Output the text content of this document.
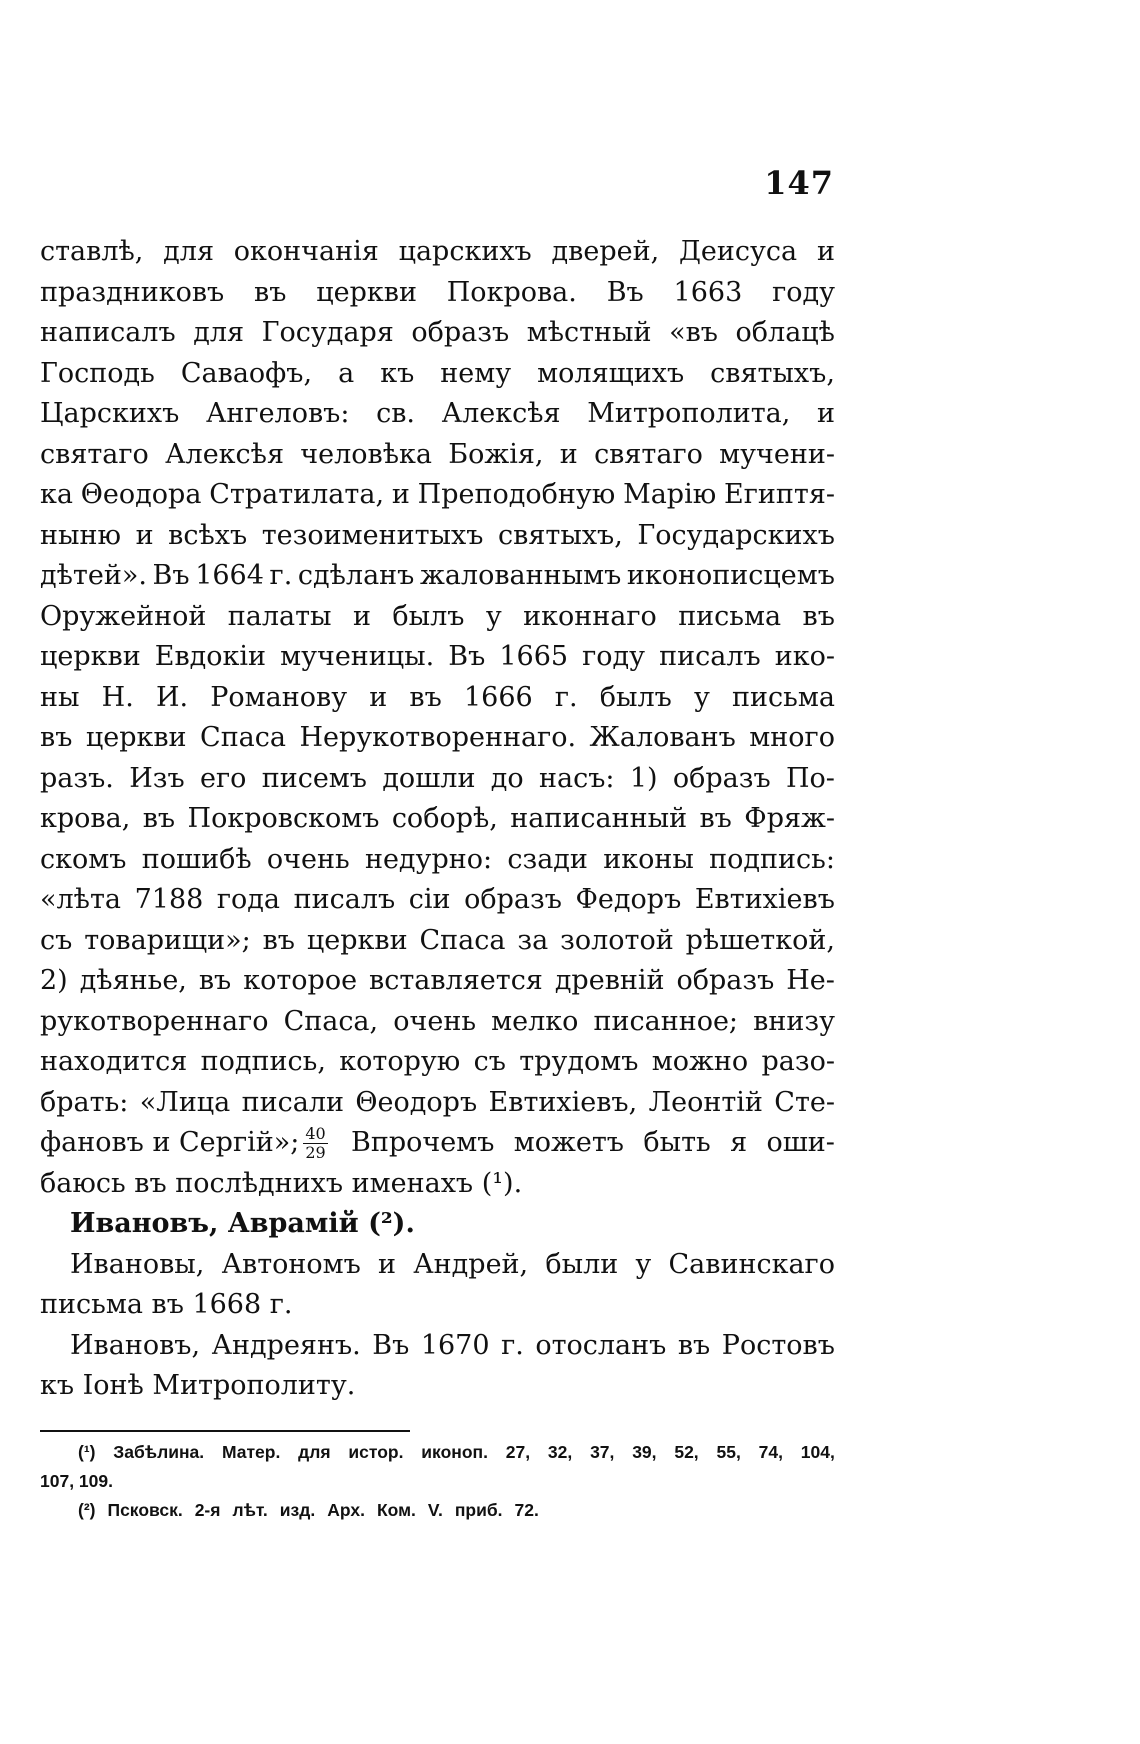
147
ставлѣ, для окончанія царскихъ дверей, Деисуса и
праздниковъ въ церкви Покрова. Въ 1663 году
написалъ для Государя образъ мѣстный «въ облацѣ
Господь Саваофъ, а къ нему молящихъ святыхъ,
Царскихъ Ангеловъ: св. Алексѣя Митрополита, и
святаго Алексѣя человѣка Божія, и святаго мучени-
ка Θеодора Стратилата, и Преподобную Марію Египтя-
ныню и всѣхъ тезоименитыхъ святыхъ, Государскихъ
дѣтей». Въ 1664 г. сдѣланъ жалованнымъ иконописцемъ
Оружейной палаты и былъ у иконнаго письма въ
церкви Евдокіи мученицы. Въ 1665 году писалъ ико-
ны Н. И. Романову и въ 1666 г. былъ у письма
въ церкви Спаса Нерукотвореннаго. Жалованъ много
разъ. Изъ его писемъ дошли до насъ: 1) образъ По-
крова, въ Покровскомъ соборѣ, написанный въ Фряж-
скомъ пошибѣ очень недурно: сзади иконы подпись:
«лѣта 7188 года писалъ сіи образъ Федоръ Евтихіевъ
съ товарищи»; въ церкви Спаса за золотой рѣшеткой,
2) дѣянье, въ которое вставляется древній образъ Не-
рукотвореннаго Спаса, очень мелко писанное; внизу
находится подпись, которую съ трудомъ можно разо-
брать: «Лица писали Θеодоръ Евтихіевъ, Леонтій Сте-
фановъ и Сергій»; $\frac{40}{29}$ Впрочемъ можетъ быть я оши-
баюсь въ послѣднихъ именахъ (¹).
Ивановъ, Аврамій (²).
Ивановы, Автономъ и Андрей, были у Савинскаго
письма въ 1668 г.
Ивановъ, Андреянъ. Въ 1670 г. отосланъ въ Ростовъ
къ Іонѣ Митрополиту.
(¹) Забѣлина. Матер. для истор. иконоп. 27, 32, 37, 39, 52, 55, 74, 104,
107, 109.
(²) Псковск. 2-я лѣт. изд. Арх. Ком. V. приб. 72.
